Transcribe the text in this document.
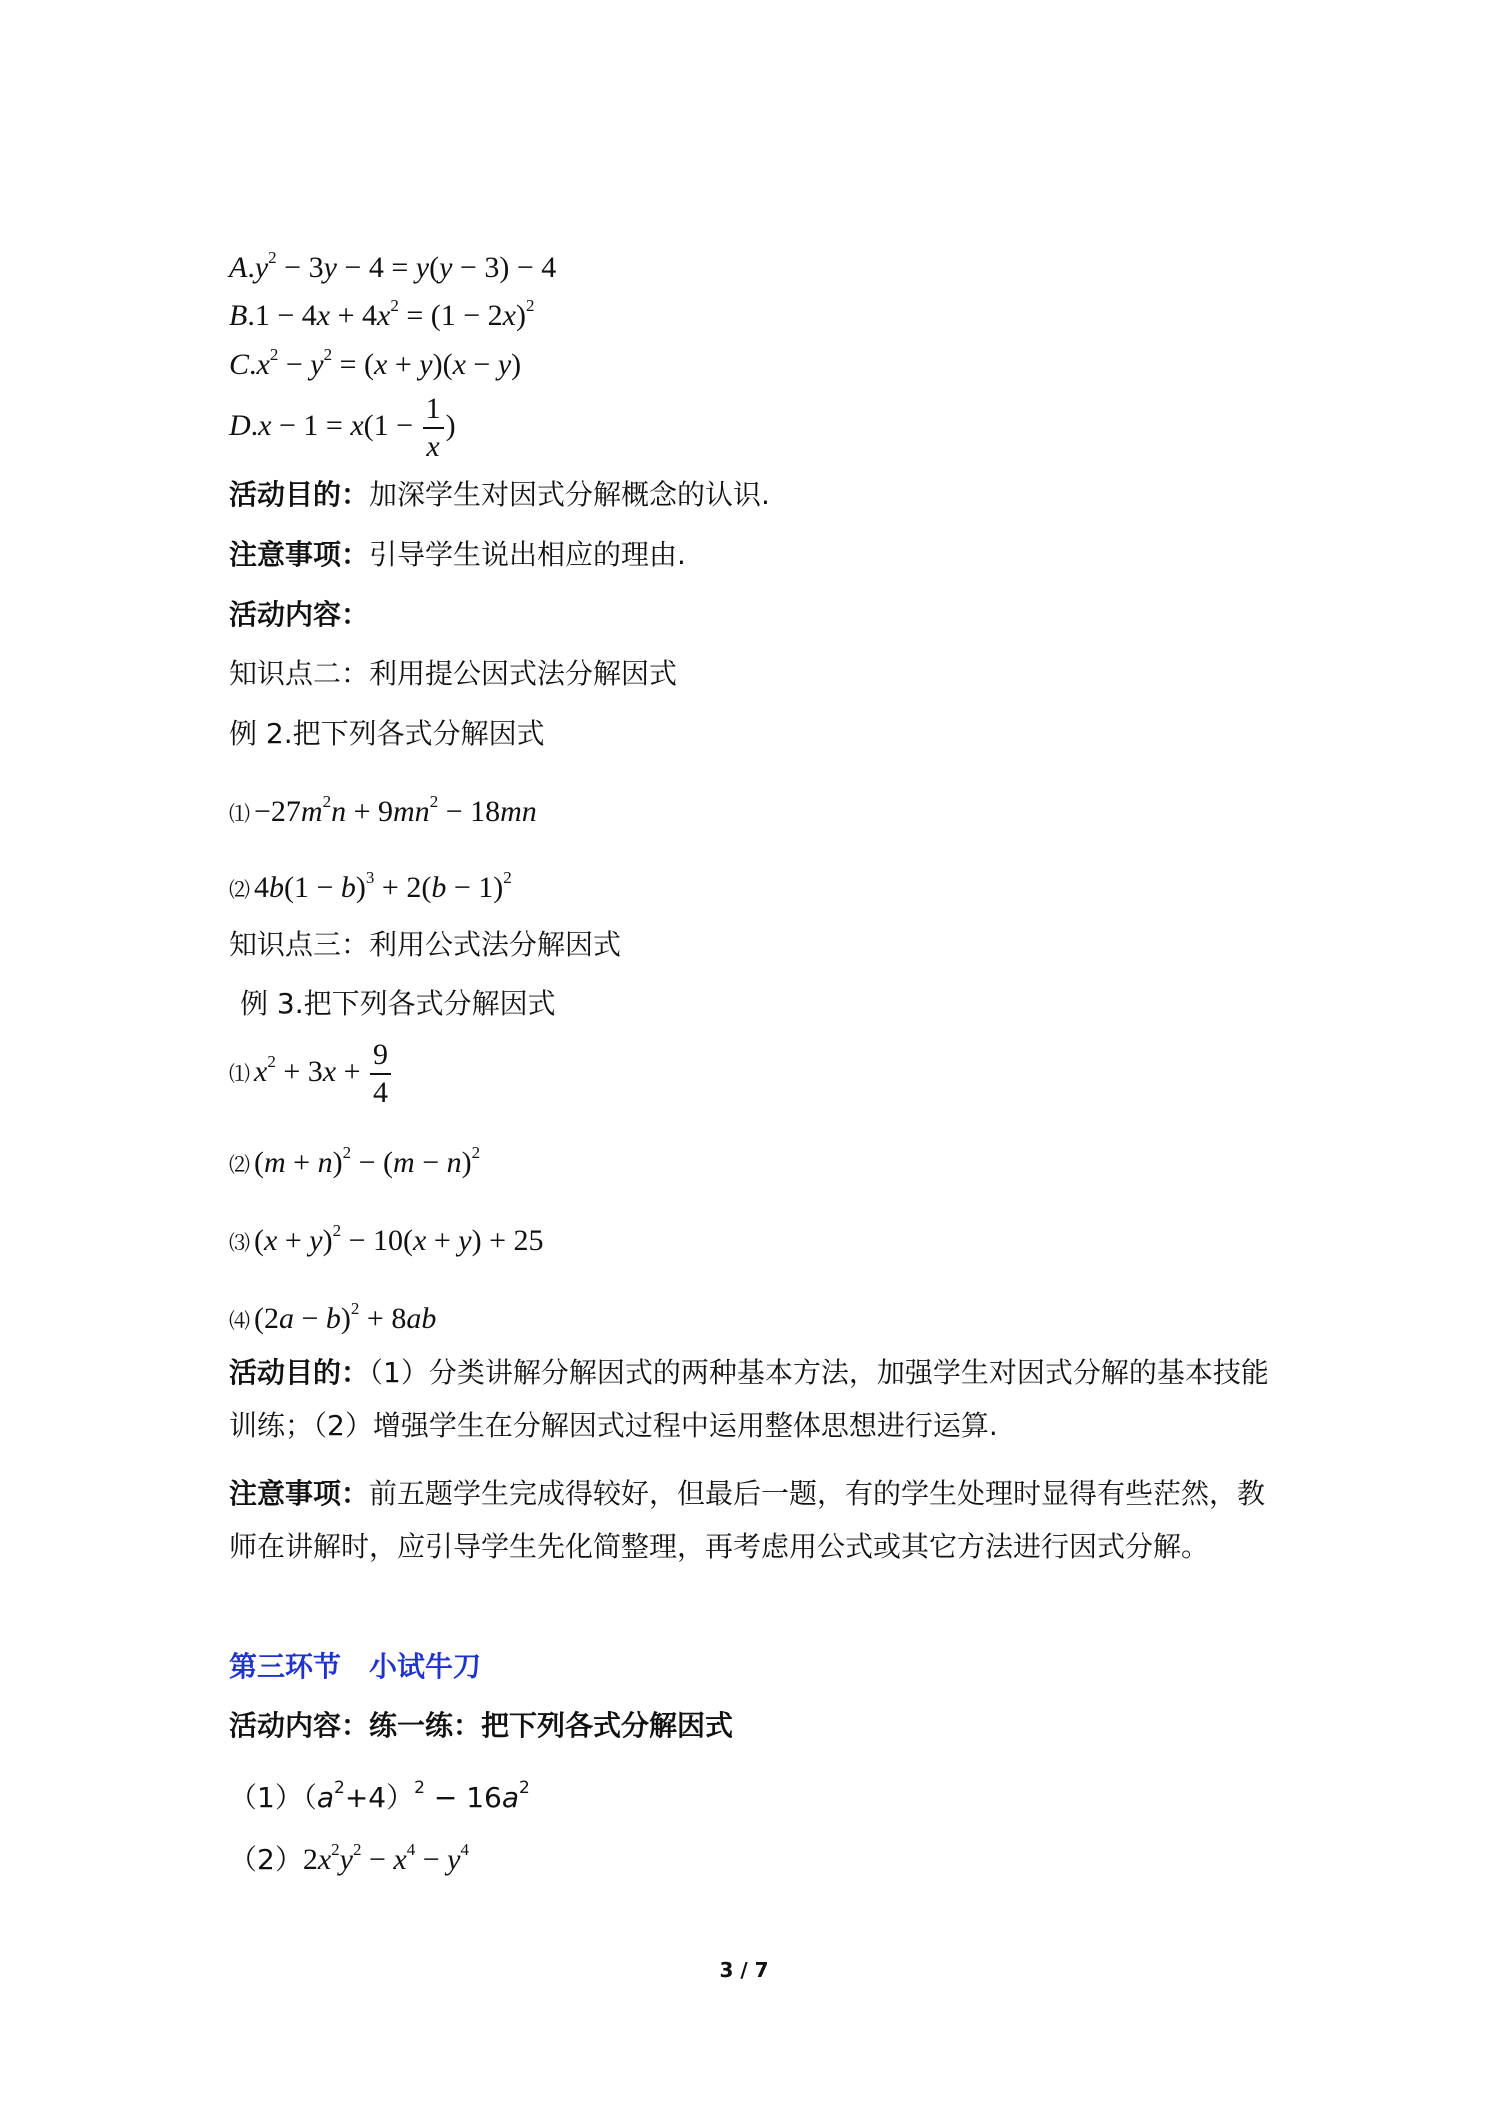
$A.y^2 - 3y - 4 = y(y - 3) - 4$
$B.1 - 4x + 4x^2 = (1 - 2x)^2$
$C.x^2 - y^2 = (x + y)(x - y)$
$D.x - 1 = x(1 - \frac{1}{x}$ )
活动目的：加深学生对因式分解概念的认识.
注意事项：引导学生说出相应的理由.
活动内容：
知识点二：利用提公因式法分解因式
例 2.把下列各式分解因式
⑴ $-27m^2n + 9mn^2 - 18mn$
⑵ $4b(1 - b)^3 + 2(b - 1)^2$
知识点三：利用公式法分解因式
例 3.把下列各式分解因式
⑴ $x^2 + 3x + \frac{9}{4}$
⑵ $(m + n)^2 - (m - n)^2$
⑶ $(x + y)^2 - 10(x + y) + 25$
⑷ $(2a - b)^2 + 8ab$
活动目的：（1）分类讲解分解因式的两种基本方法，加强学生对因式分解的基本技能训练；（2）增强学生在分解因式过程中运用整体思想进行运算.
注意事项：前五题学生完成得较好，但最后一题，有的学生处理时显得有些茫然，教师在讲解时，应引导学生先化简整理，再考虑用公式或其它方法进行因式分解。
第三环节　小试牛刀
活动内容：练一练：把下列各式分解因式
$(1)(a^2+4)^2 - 16a^2$
$(2)2x^2y^2 - x^4 - y^4$
3 / 7
